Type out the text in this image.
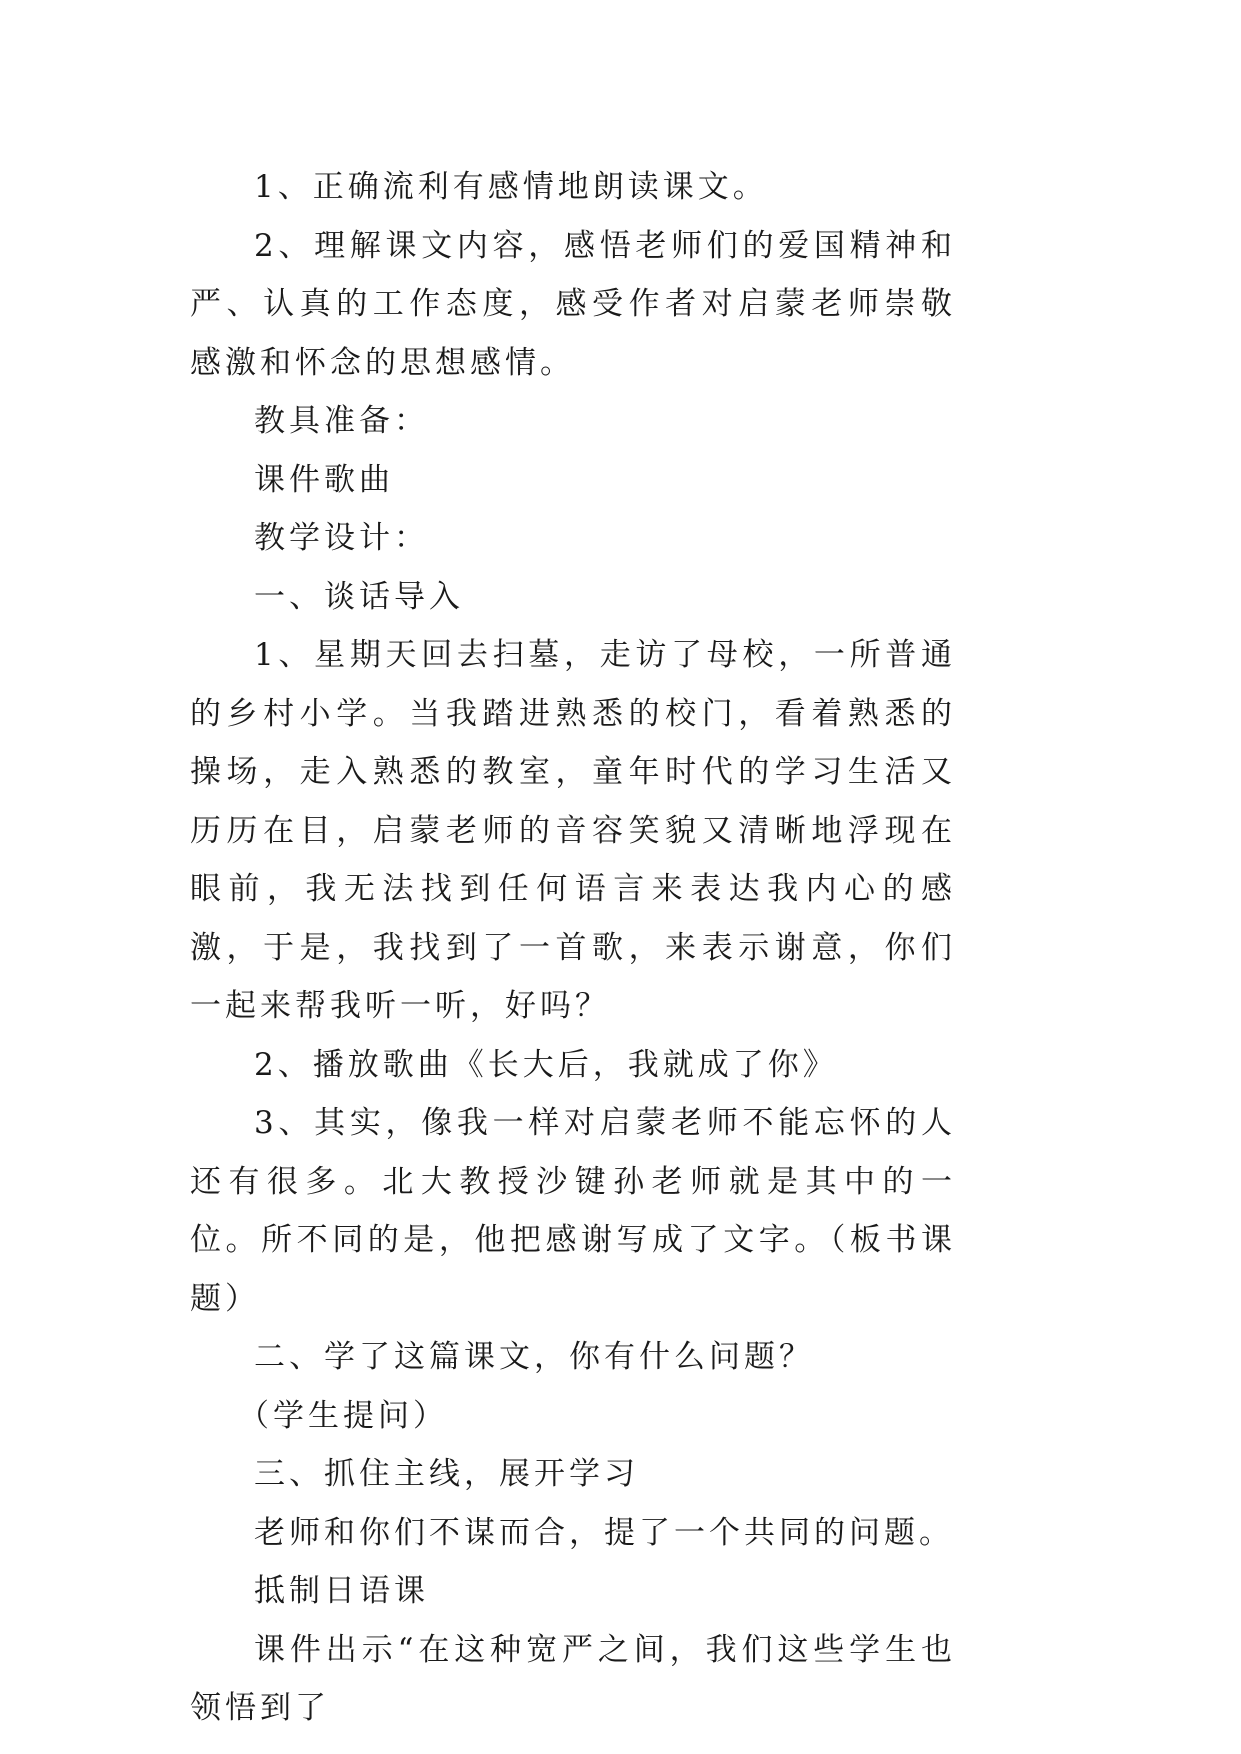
1、正确流利有感情地朗读课文。

2、理解课文内容，感悟老师们的爱国精神和严、认真的工作态度，感受作者对启蒙老师崇敬感激和怀念的思想感情。

教具准备：

课件歌曲

教学设计：

一、谈话导入

1、星期天回去扫墓，走访了母校，一所普通的乡村小学。当我踏进熟悉的校门，看着熟悉的操场，走入熟悉的教室，童年时代的学习生活又历历在目，启蒙老师的音容笑貌又清晰地浮现在眼前，我无法找到任何语言来表达我内心的感激，于是，我找到了一首歌，来表示谢意，你们一起来帮我听一听，好吗？

2、播放歌曲《长大后，我就成了你》

3、其实，像我一样对启蒙老师不能忘怀的人还有很多。北大教授沙键孙老师就是其中的一位。所不同的是，他把感谢写成了文字。（板书课题）

二、学了这篇课文，你有什么问题？

（学生提问）

三、抓住主线，展开学习

老师和你们不谋而合，提了一个共同的问题。

抵制日语课

课件出示“在这种宽严之间，我们这些学生也领悟到了
